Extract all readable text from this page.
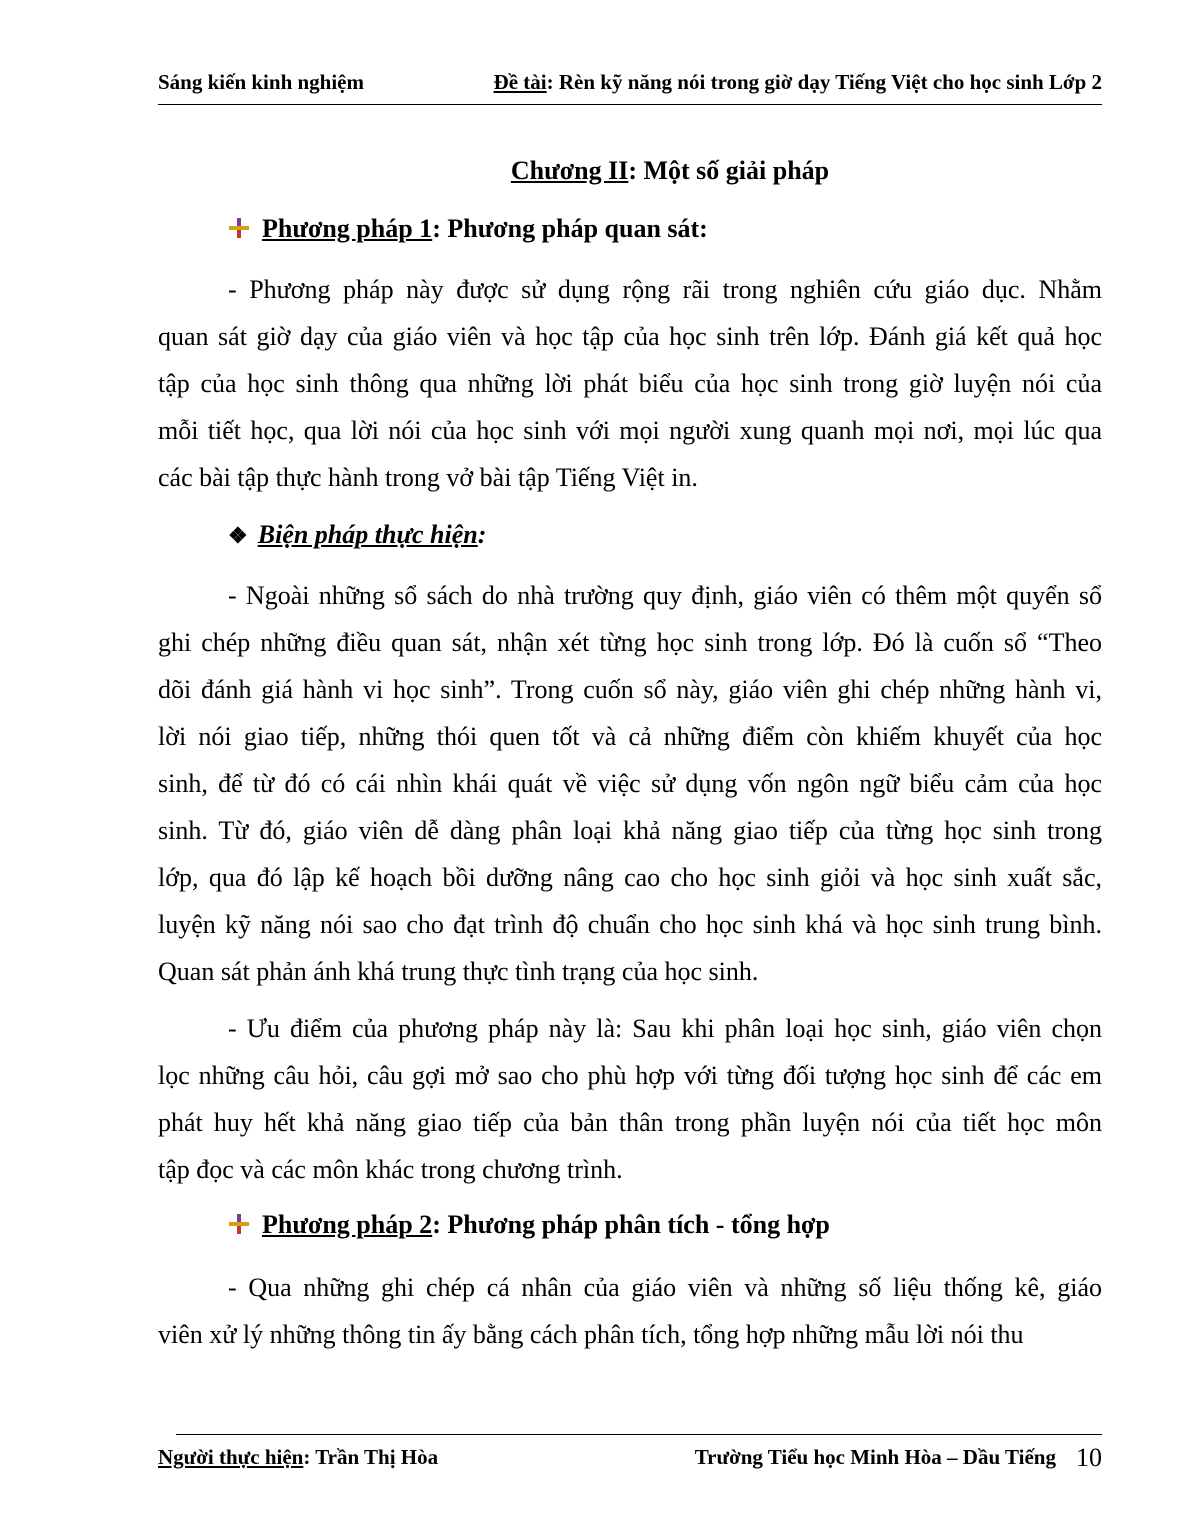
Sáng kiến kinh nghiệm	Đề tài: Rèn kỹ năng nói trong giờ dạy Tiếng Việt cho học sinh Lớp 2
Chương II: Một số giải pháp
Phương pháp 1: Phương pháp quan sát:
- Phương pháp này được sử dụng rộng rãi trong nghiên cứu giáo dục. Nhằm
quan sát giờ dạy của giáo viên và học tập của học sinh trên lớp. Đánh giá kết quả học
tập của học sinh thông qua những lời phát biểu của học sinh trong giờ luyện nói của
mỗi tiết học, qua lời nói của học sinh với mọi người xung quanh mọi nơi, mọi lúc qua
các bài tập thực hành trong vở bài tập Tiếng Việt in.
❖ Biện pháp thực hiện:
- Ngoài những sổ sách do nhà trường quy định, giáo viên có thêm một quyển sổ
ghi chép những điều quan sát, nhận xét từng học sinh trong lớp. Đó là cuốn sổ “Theo
dõi đánh giá hành vi học sinh”. Trong cuốn sổ này, giáo viên ghi chép những hành vi,
lời nói giao tiếp, những thói quen tốt và cả những điểm còn khiếm khuyết của học
sinh, để từ đó có cái nhìn khái quát về việc sử dụng vốn ngôn ngữ biểu cảm của học
sinh. Từ đó, giáo viên dễ dàng phân loại khả năng giao tiếp của từng học sinh trong
lớp, qua đó lập kế hoạch bồi dưỡng nâng cao cho học sinh giỏi và học sinh xuất sắc,
luyện kỹ năng nói sao cho đạt trình độ chuẩn cho học sinh khá và học sinh trung bình.
Quan sát phản ánh khá trung thực tình trạng của học sinh.
- Ưu điểm của phương pháp này là: Sau khi phân loại học sinh, giáo viên chọn
lọc những câu hỏi, câu gợi mở sao cho phù hợp với từng đối tượng học sinh để các em
phát huy hết khả năng giao tiếp của bản thân trong phần luyện nói của tiết học môn
tập đọc và các môn khác trong chương trình.
Phương pháp 2: Phương pháp phân tích - tổng hợp
- Qua những ghi chép cá nhân của giáo viên và những số liệu thống kê, giáo
viên xử lý những thông tin ấy bằng cách phân tích, tổng hợp những mẫu lời nói thu
Người thực hiện: Trần Thị Hòa	Trường Tiểu học Minh Hòa – Dầu Tiếng 10
